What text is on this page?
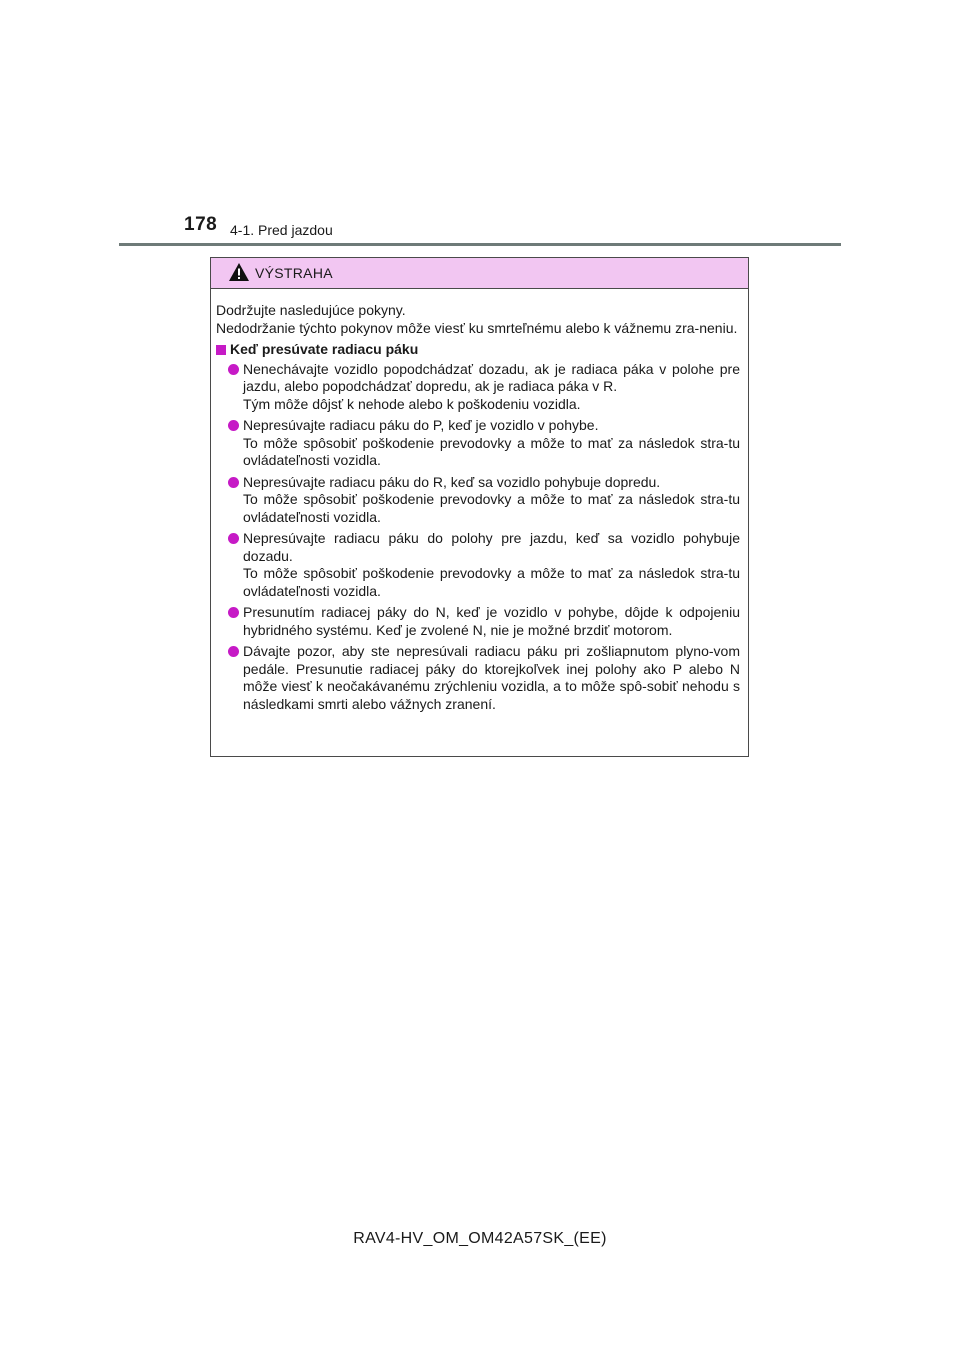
178 4-1. Pred jazdou
VÝSTRAHA

Dodržujte nasledujúce pokyny.

Nedodržanie týchto pokynov môže viesť ku smrteľnému alebo k vážnemu zra-neniu.

Keď presúvate radiacu páku
Nenechávajte vozidlo popodchádzať dozadu, ak je radiaca páka v polohe pre jazdu, alebo popodchádzať dopredu, ak je radiaca páka v R.
Tým môže dôjsť k nehode alebo k poškodeniu vozidla.
Nepresúvajte radiacu páku do P, keď je vozidlo v pohybe.
To môže spôsobiť poškodenie prevodovky a môže to mať za následok stra-tu ovládateľnosti vozidla.
Nepresúvajte radiacu páku do R, keď sa vozidlo pohybuje dopredu.
To môže spôsobiť poškodenie prevodovky a môže to mať za následok stra-tu ovládateľnosti vozidla.
Nepresúvajte radiacu páku do polohy pre jazdu, keď sa vozidlo pohybuje dozadu.
To môže spôsobiť poškodenie prevodovky a môže to mať za následok stra-tu ovládateľnosti vozidla.
Presunutím radiacej páky do N, keď je vozidlo v pohybe, dôjde k odpojeniu hybridného systému. Keď je zvolené N, nie je možné brzdiť motorom.
Dávajte pozor, aby ste nepresúvali radiacu páku pri zošliapnutom plyno-vom pedále. Presunutie radiacej páky do ktorejkoľvek inej polohy ako P alebo N môže viesť k neočakávanému zrýchleniu vozidla, a to môže spô-sobiť nehodu s následkami smrti alebo vážnych zranení.
RAV4-HV_OM_OM42A57SK_(EE)
